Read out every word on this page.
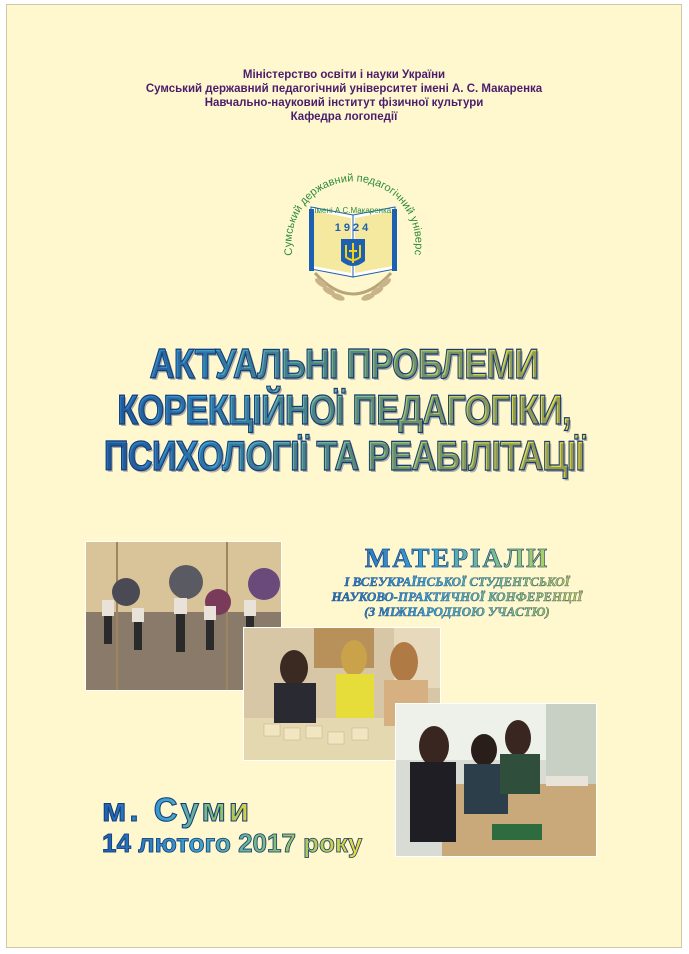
Міністерство освіти і науки України
Сумський державний педагогічний університет імені А. С. Макаренка
Навчально-науковий інститут фізичної культури
Кафедра логопедії
Сумський державний педагогічний універс
імені А.С.Макаренка
1924
АКТУАЛЬНІ ПРОБЛЕМИ
КОРЕКЦІЙНОЇ ПЕДАГОГІКИ,
ПСИХОЛОГІЇ ТА РЕАБІЛІТАЦІЇ
МАТЕРІАЛИ
І ВСЕУКРАЇНСЬКОЇ СТУДЕНТСЬКОЇ
НАУКОВО-ПРАКТИЧНОЇ КОНФЕРЕНЦІЇ
(З МІЖНАРОДНОЮ УЧАСТЮ)
м. Суми
14 лютого 2017 року
